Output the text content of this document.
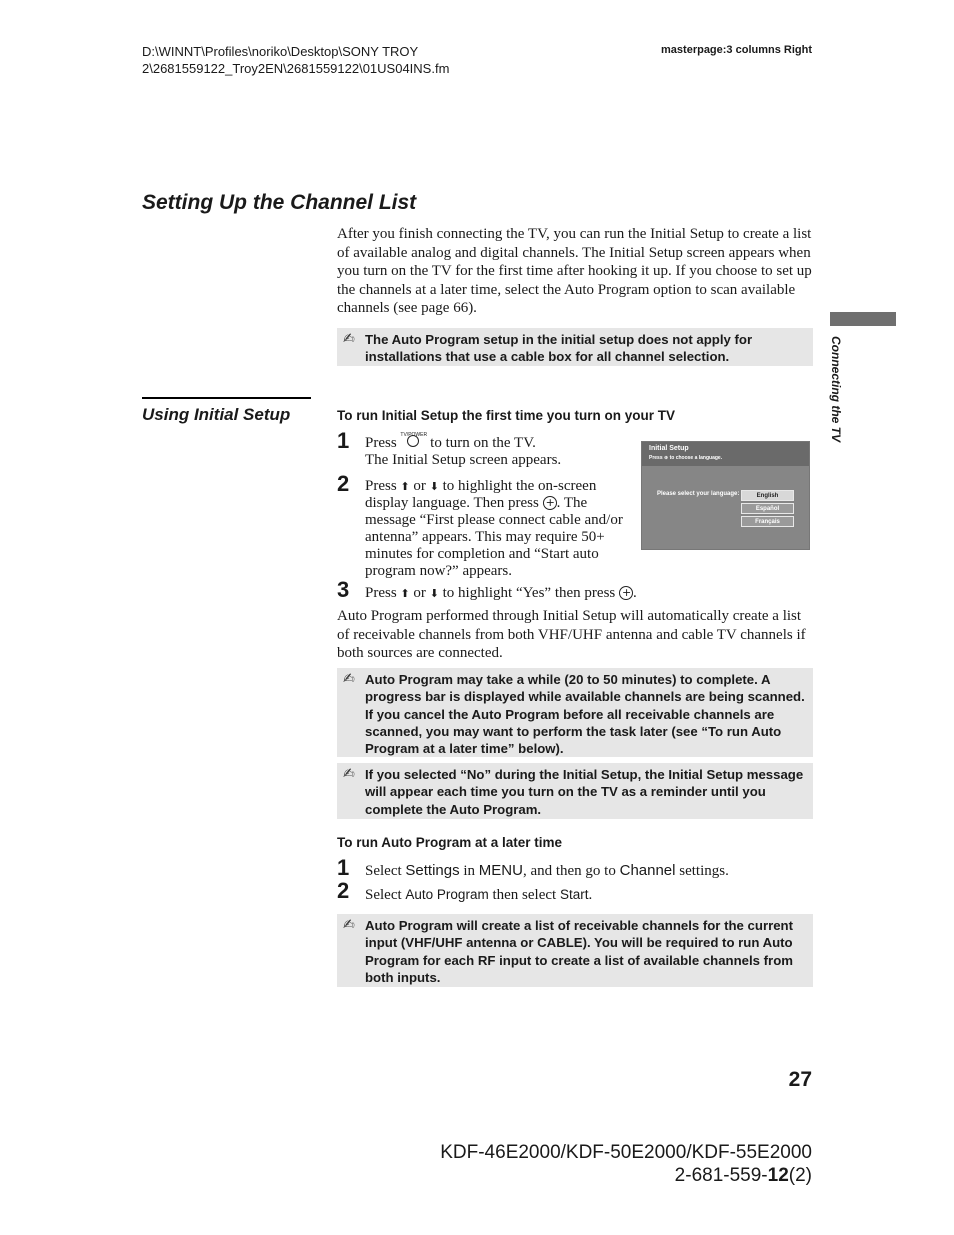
D:\WINNT\Profiles\noriko\Desktop\SONY TROY
2\2681559122_Troy2EN\2681559122\01US04INS.fm
masterpage:3 columns Right
Setting Up the Channel List
After you finish connecting the TV, you can run the Initial Setup to create a list of available analog and digital channels. The Initial Setup screen appears when you turn on the TV for the first time after hooking it up. If you choose to set up the channels at a later time, select the Auto Program option to scan available channels (see page 66).
✍ The Auto Program setup in the initial setup does not apply for installations that use a cable box for all channel selection.	Connecting the TV
Using Initial Setup	To run Initial Setup the first time you turn on your TV
1 Press TV/POWER to turn on the TV.
The Initial Setup screen appears.
2 Press ⬆ or ⬇ to highlight the on-screen display language. Then press + . The message “First please connect cable and/or antenna” appears. This may require 50+ minutes for completion and “Start auto program now?” appears.
Initial Setup
Press ⊕ to choose a language.
Please select your language:	English
Español
Français
3 Press ⬆ or ⬇ to highlight “Yes” then press + .
Auto Program performed through Initial Setup will automatically create a list of receivable channels from both VHF/UHF antenna and cable TV channels if both sources are connected.
✍ Auto Program may take a while (20 to 50 minutes) to complete. A progress bar is displayed while available channels are being scanned. If you cancel the Auto Program before all receivable channels are scanned, you may want to perform the task later (see “To run Auto Program at a later time” below).
✍ If you selected “No” during the Initial Setup, the Initial Setup message will appear each time you turn on the TV as a reminder until you complete the Auto Program.
To run Auto Program at a later time
1 Select Settings in MENU, and then go to Channel settings.
2 Select Auto Program then select Start.
✍ Auto Program will create a list of receivable channels for the current input (VHF/UHF antenna or CABLE). You will be required to run Auto Program for each RF input to create a list of available channels from both inputs.
27
KDF-46E2000/KDF-50E2000/KDF-55E2000
2-681-559-12(2)
